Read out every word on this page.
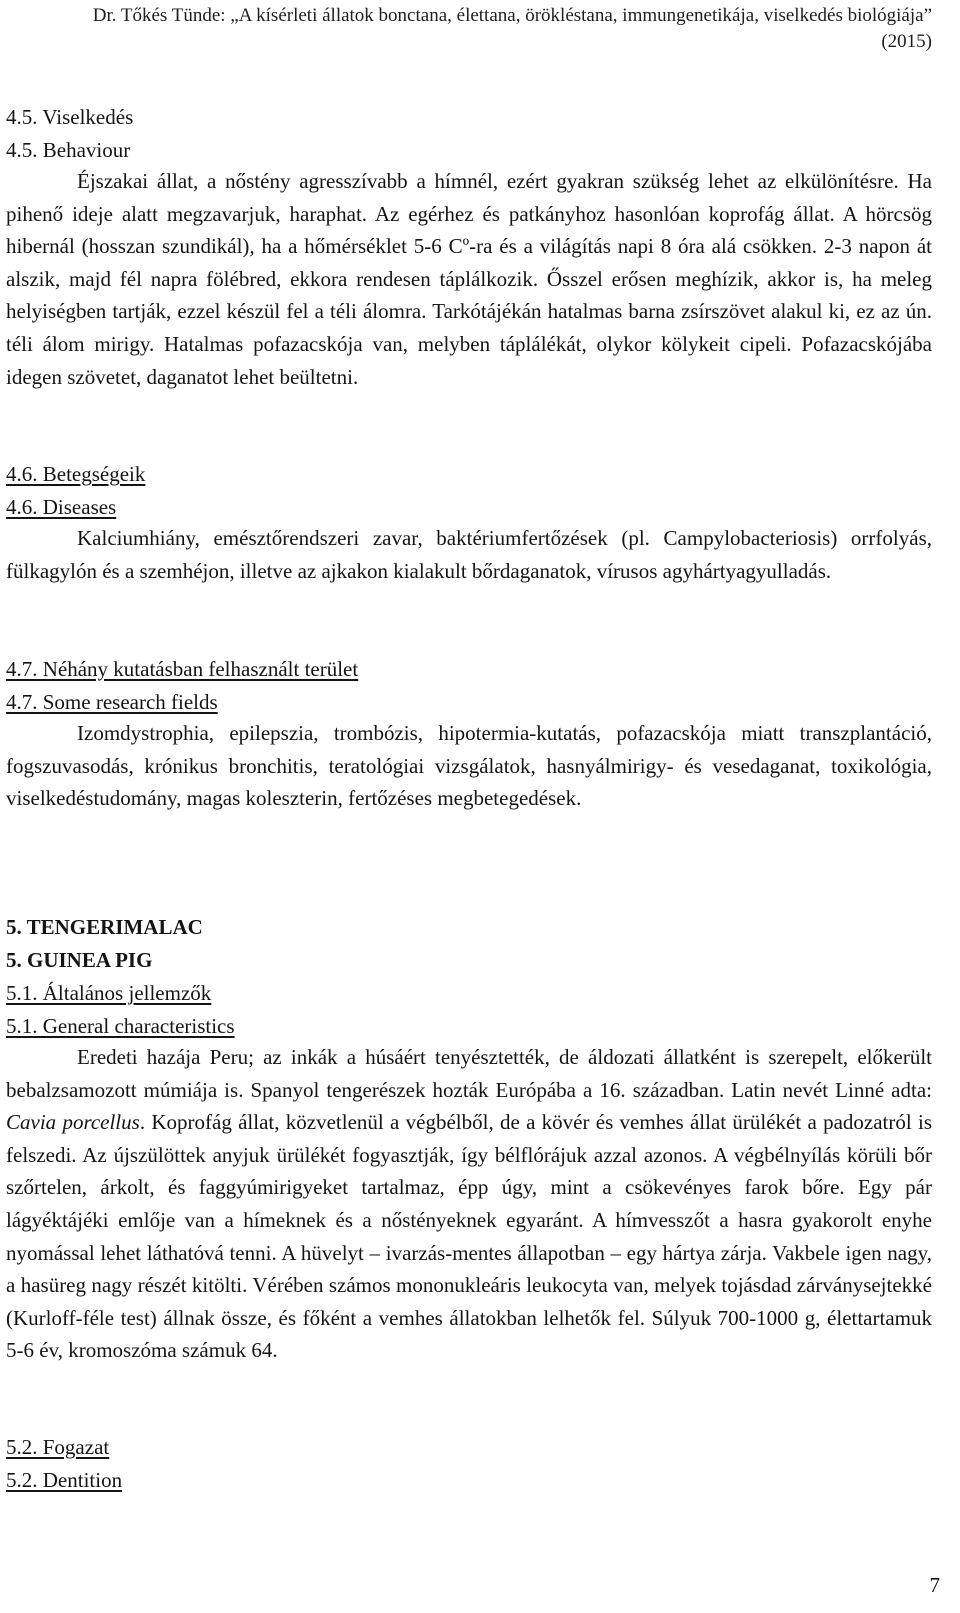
Dr. Tőkés Tünde: „A kísérleti állatok bonctana, élettana, örökléstana, immungenetikája, viselkedés biológiája”
(2015)
4.5. Viselkedés
4.5. Behaviour

Éjszakai állat, a nőstény agresszívabb a hímnél, ezért gyakran szükség lehet az elkülönítésre. Ha pihenő ideje alatt megzavarjuk, haraphat. Az egérhez és patkányhoz hasonlóan koprofág állat. A hörcsög hibernál (hosszan szundikál), ha a hőmérséklet 5-6 Cº-ra és a világítás napi 8 óra alá csökken. 2-3 napon át alszik, majd fél napra fölébred, ekkora rendesen táplálkozik. Ősszel erősen meghízik, akkor is, ha meleg helyiségben tartják, ezzel készül fel a téli álomra. Tarkótájékán hatalmas barna zsírszövet alakul ki, ez az ún. téli álom mirigy. Hatalmas pofazacskója van, melyben táplálékát, olykor kölykeit cipeli. Pofazacskójába idegen szövetet, daganatot lehet beültetni.

4.6. Betegségeik
4.6. Diseases

Kalciumhiány, emésztőrendszeri zavar, baktériumfertőzések (pl. Campylobacteriosis) orrfolyás, fülkagylón és a szemhéjon, illetve az ajkakon kialakult bőrdaganatok, vírusos agyhártyagyulladás.

4.7. Néhány kutatásban felhasznált terület
4.7. Some research fields

Izomdystrophia, epilepszia, trombózis, hipotermia-kutatás, pofazacskója miatt transzplantáció, fogszuvasodás, krónikus bronchitis, teratológiai vizsgálatok, hasnyálmirigy- és vesedaganat, toxikológia, viselkedéstudomány, magas koleszterin, fertőzéses megbetegedések.

5. TENGERIMALAC
5. GUINEA PIG
5.1. Általános jellemzők
5.1. General characteristics

Eredeti hazája Peru; az inkák a húsáért tenyésztették, de áldozati állatként is szerepelt, előkerült bebalzsamozott múmiája is. Spanyol tengerészek hozták Európába a 16. században. Latin nevét Linné adta: Cavia porcellus. Koprofág állat, közvetlenül a végbélből, de a kövér és vemhes állat ürülékét a padozatról is felszedi. Az újszülöttek anyjuk ürülékét fogyasztják, így bélflórájuk azzal azonos. A végbélnyílás körüli bőr szőrtelen, árkolt, és faggyúmirigyeket tartalmaz, épp úgy, mint a csökevényes farok bőre. Egy pár lágyéktájéki emlője van a hímeknek és a nőstényeknek egyaránt. A hímvesszőt a hasra gyakorolt enyhe nyomással lehet láthatóvá tenni. A hüvelyt – ivarzás-mentes állapotban – egy hártya zárja. Vakbele igen nagy, a hasüreg nagy részét kitölti. Vérében számos mononukleáris leukocyta van, melyek tojásdad zárványsejtekké (Kurloff-féle test) állnak össze, és főként a vemhes állatokban lelhetők fel. Súlyuk 700-1000 g, élettartamuk 5-6 év, kromoszóma számuk 64.

5.2. Fogazat
5.2. Dentition
7
